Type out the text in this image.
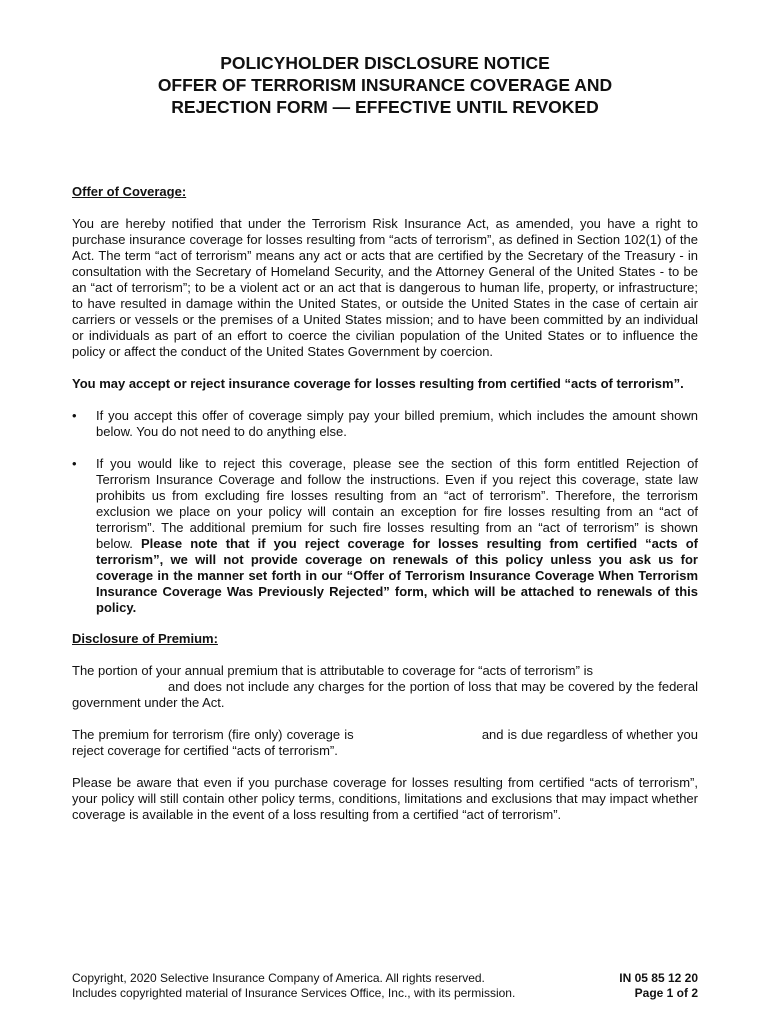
POLICYHOLDER DISCLOSURE NOTICE
OFFER OF TERRORISM INSURANCE COVERAGE AND
REJECTION FORM — EFFECTIVE UNTIL REVOKED

Offer of Coverage:

You are hereby notified that under the Terrorism Risk Insurance Act, as amended, you have a right to purchase insurance coverage for losses resulting from “acts of terrorism”, as defined in Section 102(1) of the Act. The term “act of terrorism” means any act or acts that are certified by the Secretary of the Treasury - in consultation with the Secretary of Homeland Security, and the Attorney General of the United States - to be an “act of terrorism”; to be a violent act or an act that is dangerous to human life, property, or infrastructure; to have resulted in damage within the United States, or outside the United States in the case of certain air carriers or vessels or the premises of a United States mission; and to have been committed by an individual or individuals as part of an effort to coerce the civilian population of the United States or to influence the policy or affect the conduct of the United States Government by coercion.

You may accept or reject insurance coverage for losses resulting from certified “acts of terrorism”.

• If you accept this offer of coverage simply pay your billed premium, which includes the amount shown below. You do not need to do anything else.
• If you would like to reject this coverage, please see the section of this form entitled Rejection of Terrorism Insurance Coverage and follow the instructions. Even if you reject this coverage, state law prohibits us from excluding fire losses resulting from an “act of terrorism”. Therefore, the terrorism exclusion we place on your policy will contain an exception for fire losses resulting from an “act of terrorism”. The additional premium for such fire losses resulting from an “act of terrorism” is shown below. Please note that if you reject coverage for losses resulting from certified “acts of terrorism”, we will not provide coverage on renewals of this policy unless you ask us for coverage in the manner set forth in our “Offer of Terrorism Insurance Coverage When Terrorism Insurance Coverage Was Previously Rejected” form, which will be attached to renewals of this policy.

Disclosure of Premium:

The portion of your annual premium that is attributable to coverage for “acts of terrorism” is
and does not include any charges for the portion of loss that may be covered by the federal government under the Act.

The premium for terrorism (fire only) coverage is	and is due regardless of whether you reject coverage for certified “acts of terrorism”.

Please be aware that even if you purchase coverage for losses resulting from certified “acts of terrorism”, your policy will still contain other policy terms, conditions, limitations and exclusions that may impact whether coverage is available in the event of a loss resulting from a certified “act of terrorism”.

Copyright, 2020 Selective Insurance Company of America. All rights reserved.
Includes copyrighted material of Insurance Services Office, Inc., with its permission.
IN 05 85 12 20
Page 1 of 2
